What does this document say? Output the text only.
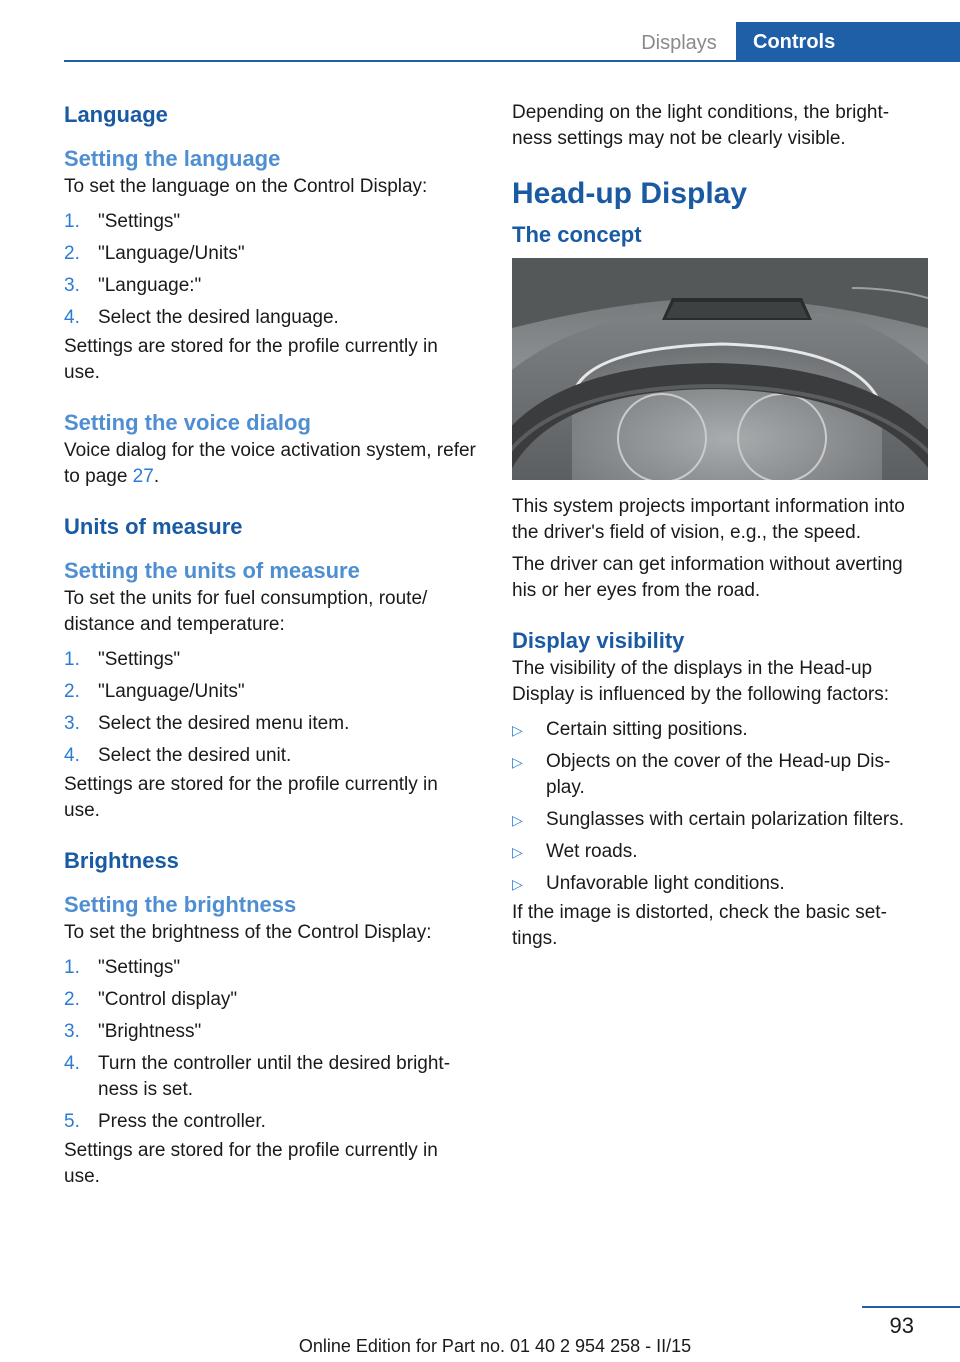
Displays	Controls
Language
Setting the language
To set the language on the Control Display:
1. "Settings"
2. "Language/Units"
3. "Language:"
4. Select the desired language.
Settings are stored for the profile currently in use.
Setting the voice dialog
Voice dialog for the voice activation system, refer to page 27.
Units of measure
Setting the units of measure
To set the units for fuel consumption, route/ distance and temperature:
1. "Settings"
2. "Language/Units"
3. Select the desired menu item.
4. Select the desired unit.
Settings are stored for the profile currently in use.
Brightness
Setting the brightness
To set the brightness of the Control Display:
1. "Settings"
2. "Control display"
3. "Brightness"
4. Turn the controller until the desired bright‐ ness is set.
5. Press the controller.
Settings are stored for the profile currently in use.
Depending on the light conditions, the bright‐ ness settings may not be clearly visible.
Head-up Display
The concept
This system projects important information into the driver's field of vision, e.g., the speed.
The driver can get information without averting his or her eyes from the road.
Display visibility
The visibility of the displays in the Head-up Display is influenced by the following factors:
▷	Certain sitting positions.
▷	Objects on the cover of the Head-up Dis‐ play.
▷	Sunglasses with certain polarization filters.
▷	Wet roads.
▷	Unfavorable light conditions.
If the image is distorted, check the basic set‐ tings.
93
Online Edition for Part no. 01 40 2 954 258 - II/15
